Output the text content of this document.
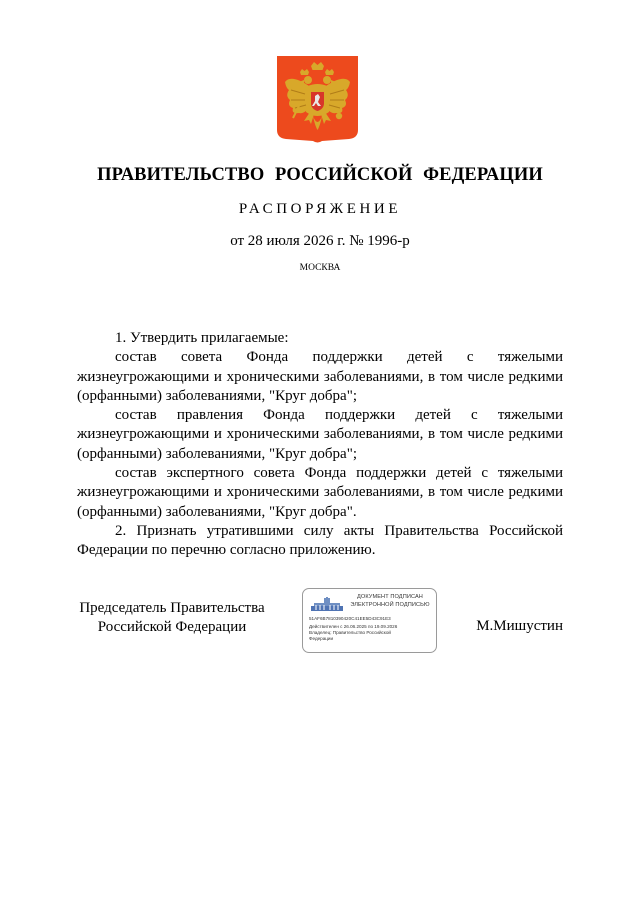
ПРАВИТЕЛЬСТВО РОССИЙСКОЙ ФЕДЕРАЦИИ
РАСПОРЯЖЕНИЕ
от 28 июля 2026 г. № 1996-р
МОСКВА

1. Утвердить прилагаемые:

состав совета Фонда поддержки детей с тяжелыми жизнеугрожающими и хроническими заболеваниями, в том числе редкими (орфанными) заболеваниями, "Круг добра";

состав правления Фонда поддержки детей с тяжелыми жизнеугрожающими и хроническими заболеваниями, в том числе редкими (орфанными) заболеваниями, "Круг добра";

состав экспертного совета Фонда поддержки детей с тяжелыми жизнеугрожающими и хроническими заболеваниями, в том числе редкими (орфанными) заболеваниями, "Круг добра".

2. Признать утратившими силу акты Правительства Российской Федерации по перечню согласно приложению.

Председатель Правительства
Российской Федерации
ДОКУМЕНТ ПОДПИСАН
ЭЛЕКТРОННОЙ ПОДПИСЬЮ
51AF6B7810390420C41EE5D43C91E3
Действителен с 26.06.2025 по 19.09.2026
Владелец: Правительство Российской
Федерации
М.Мишустин
